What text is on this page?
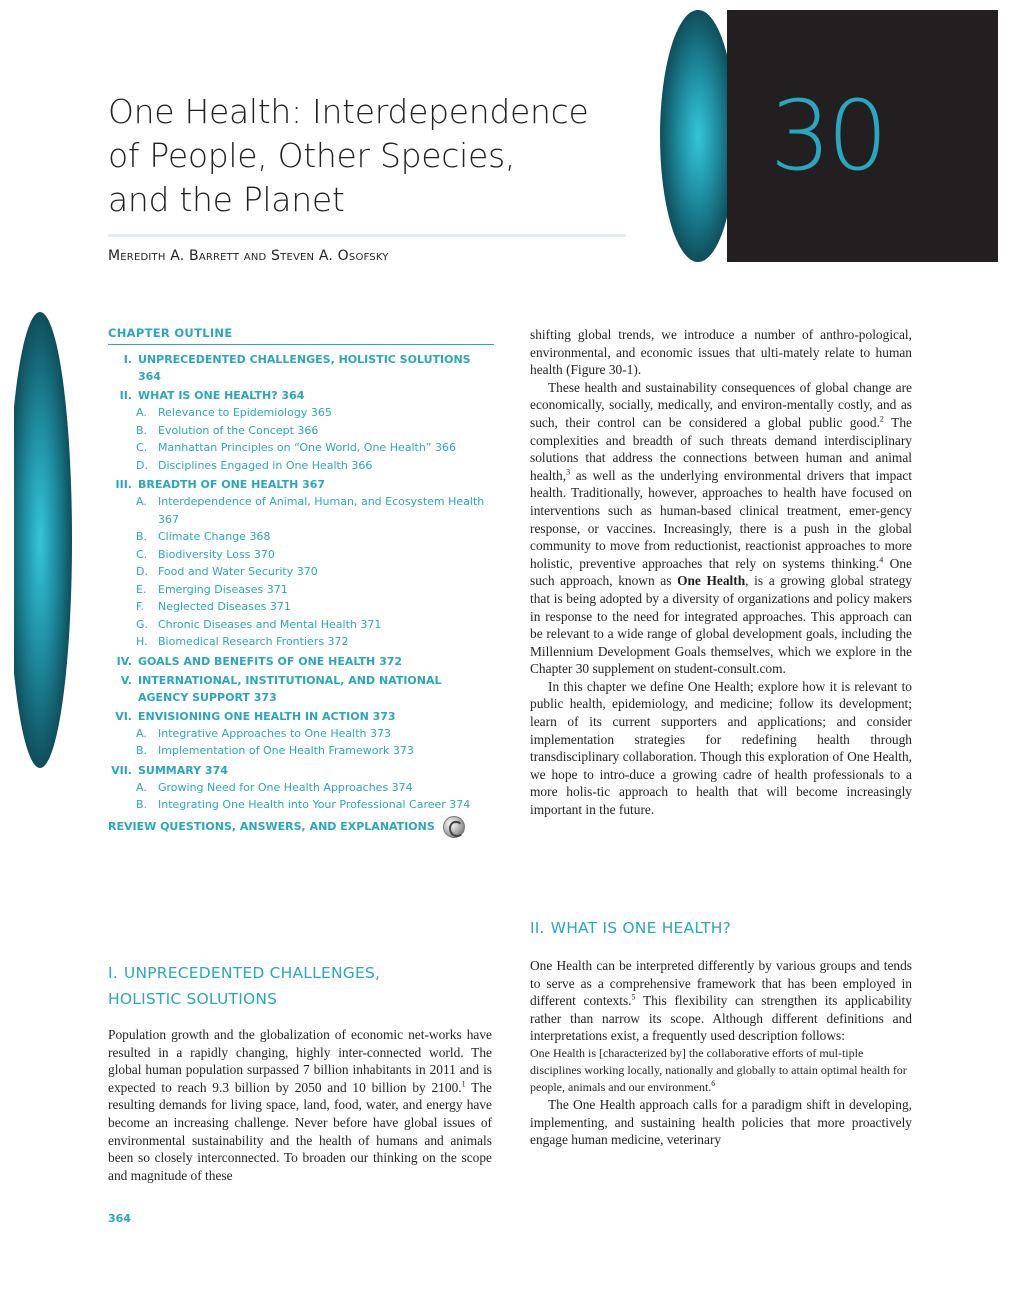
One Health: Interdependence
of People, Other Species,
and the Planet
Meredith A. Barrett and Steven A. Osofsky
30
CHAPTER OUTLINE
I. UNPRECEDENTED CHALLENGES, HOLISTIC SOLUTIONS 364
II. WHAT IS ONE HEALTH? 364
A.	Relevance to Epidemiology 365
B. Evolution of the Concept 366
C. Manhattan Principles on “One World, One Health” 366
D. Disciplines Engaged in One Health 366
III. BREADTH OF ONE HEALTH 367
A.	Interdependence of Animal, Human, and Ecosystem Health 367
B. Climate Change 368
C. Biodiversity Loss 370
D. Food and Water Security 370
E.	Emerging Diseases 371
F.	Neglected Diseases 371
G. Chronic Diseases and Mental Health 371
H. Biomedical Research Frontiers 372
IV. GOALS AND BENEFITS OF ONE HEALTH 372
V. INTERNATIONAL, INSTITUTIONAL, AND NATIONAL AGENCY SUPPORT 373
VI. ENVISIONING ONE HEALTH IN ACTION 373
A.	Integrative Approaches to One Health 373
B. Implementation of One Health Framework 373
VII. SUMMARY 374
A.	Growing Need for One Health Approaches 374
B. Integrating One Health into Your Professional Career 374
REVIEW QUESTIONS, ANSWERS, AND EXPLANATIONS
I. UNPRECEDENTED CHALLENGES,
HOLISTIC SOLUTIONS

Population growth and the globalization of economic net-works have resulted in a rapidly changing, highly inter-connected world. The global human population surpassed 7 billion inhabitants in 2011 and is expected to reach 9.3 billion by 2050 and 10 billion by 2100.$^1$ The resulting demands for living space, land, food, water, and energy have become an increasing challenge. Never before have global issues of environmental sustainability and the health of humans and animals been so closely interconnected. To broaden our thinking on the scope and magnitude of these

shifting global trends, we introduce a number of anthro-pological, environmental, and economic issues that ulti-mately relate to human health (Figure 30-1).

These health and sustainability consequences of global change are economically, socially, medically, and environ-mentally costly, and as such, their control can be considered a global public good.$^2$ The complexities and breadth of such threats demand interdisciplinary solutions that address the connections between human and animal health,$^3$ as well as the underlying environmental drivers that impact health. Traditionally, however, approaches to health have focused on interventions such as human-based clinical treatment, emer-gency response, or vaccines. Increasingly, there is a push in the global community to move from reductionist, reactionist approaches to more holistic, preventive approaches that rely on systems thinking.$^4$ One such approach, known as One Health, is a growing global strategy that is being adopted by a diversity of organizations and policy makers in response to the need for integrated approaches. This approach can be relevant to a wide range of global development goals, including the Millennium Development Goals themselves, which we explore in the Chapter 30 supplement on student-consult.com.

In this chapter we define One Health; explore how it is relevant to public health, epidemiology, and medicine; follow its development; learn of its current supporters and applications; and consider implementation strategies for redefining health through transdisciplinary collaboration. Though this exploration of One Health, we hope to intro-duce a growing cadre of health professionals to a more holis-tic approach to health that will become increasingly important in the future.

II. WHAT IS ONE HEALTH?

One Health can be interpreted differently by various groups and tends to serve as a comprehensive framework that has been employed in different contexts.$^5$ This flexibility can strengthen its applicability rather than narrow its scope. Although different definitions and interpretations exist, a frequently used description follows:

One Health is [characterized by] the collaborative efforts of mul-tiple disciplines working locally, nationally and globally to attain optimal health for people, animals and our environment.$^6$

The One Health approach calls for a paradigm shift in developing, implementing, and sustaining health policies that more proactively engage human medicine, veterinary

364
